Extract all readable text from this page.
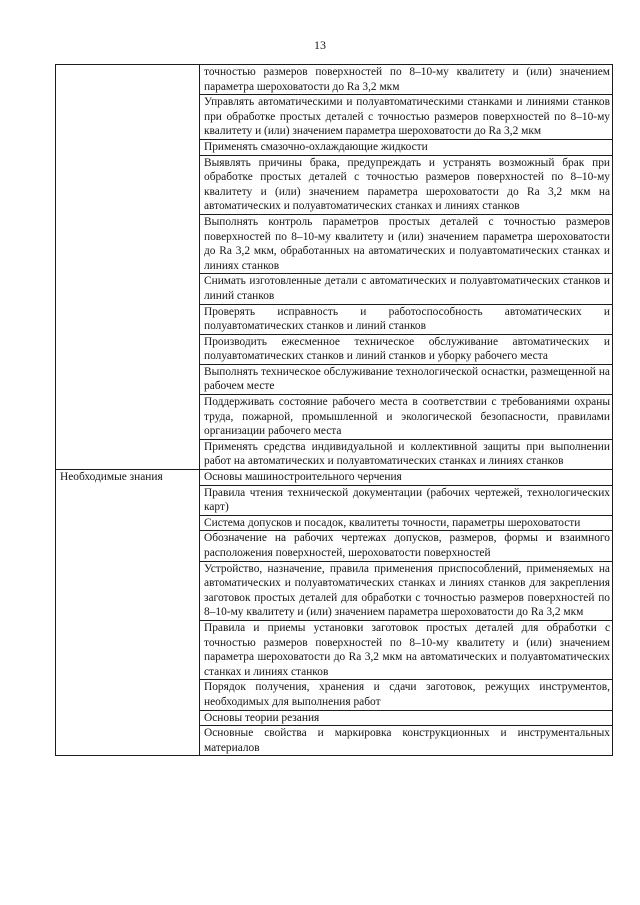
13
	точностью размеров поверхностей по 8–10-му квалитету и (или) значением параметра шероховатости до Ra 3,2 мкм
	Управлять автоматическими и полуавтоматическими станками и линиями станков при обработке простых деталей с точностью размеров поверхностей по 8–10-му квалитету и (или) значением параметра шероховатости до Ra 3,2 мкм
	Применять смазочно-охлаждающие жидкости
	Выявлять причины брака, предупреждать и устранять возможный брак при обработке простых деталей с точностью размеров поверхностей по 8–10-му квалитету и (или) значением параметра шероховатости до Ra 3,2 мкм на автоматических и полуавтоматических станках и линиях станков
	Выполнять контроль параметров простых деталей с точностью размеров поверхностей по 8–10-му квалитету и (или) значением параметра шероховатости до Ra 3,2 мкм, обработанных на автоматических и полуавтоматических станках и линиях станков
	Снимать изготовленные детали с автоматических и полуавтоматических станков и линий станков
	Проверять исправность и работоспособность автоматических и полуавтоматических станков и линий станков
	Производить ежесменное техническое обслуживание автоматических и полуавтоматических станков и линий станков и уборку рабочего места
	Выполнять техническое обслуживание технологической оснастки, размещенной на рабочем месте
	Поддерживать состояние рабочего места в соответствии с требованиями охраны труда, пожарной, промышленной и экологической безопасности, правилами организации рабочего места
	Применять средства индивидуальной и коллективной защиты при выполнении работ на автоматических и полуавтоматических станках и линиях станков
Необходимые знания	Основы машиностроительного черчения
	Правила чтения технической документации (рабочих чертежей, технологических карт)
	Система допусков и посадок, квалитеты точности, параметры шероховатости
	Обозначение на рабочих чертежах допусков, размеров, формы и взаимного расположения поверхностей, шероховатости поверхностей
	Устройство, назначение, правила применения приспособлений, применяемых на автоматических и полуавтоматических станках и линиях станков для закрепления заготовок простых деталей для обработки с точностью размеров поверхностей по 8–10-му квалитету и (или) значением параметра шероховатости до Ra 3,2 мкм
	Правила и приемы установки заготовок простых деталей для обработки с точностью размеров поверхностей по 8–10-му квалитету и (или) значением параметра шероховатости до Ra 3,2 мкм на автоматических и полуавтоматических станках и линиях станков
	Порядок получения, хранения и сдачи заготовок, режущих инструментов, необходимых для выполнения работ
	Основы теории резания
	Основные свойства и маркировка конструкционных и инструментальных материалов
